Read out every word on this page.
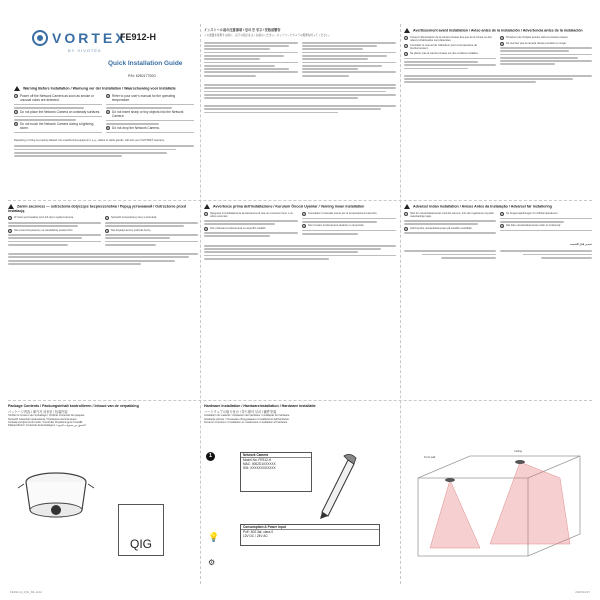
VORTEX
BY VIVOTEK
FE912-H
Quick Installation Guide
P/N: 625017700G
Warning Before Installation / Warnung vor der Installation / Waarschuwing voor installatie
1	Power off the Network Camera as soon as smoke or unusual odors are detected.
3	Do not place the Network Camera on unsteady surfaces.
5	Do not touch the Network Camera during a lightning storm.
2	Refer to your user's manual for the operating temperature.
4	Do not insert sharp or tiny objects into the Network Camera.
6	Do not drop the Network Camera.
Replacing or fixing is properly labeled. No unauthorized equipment, e.g., cables or cable glands, still visit your VIVOTEK® warranty.
インストール前の注意事項 / 설치 전 경고 / 安装前警告
この装置を使用する前に、以下の指示をよくお読みください。ネットワークカメラの電源を切ってください。
Avertissement avant installation / Aviso antes de la instalación / Advertencia antes de la instalación
1	Coupez l'alimentation de la caméra réseau dès que de la fumée ou des odeurs inhabituelles sont détectées.
2	Consultez le manuel de l'utilisateur pour la température de fonctionnement.
3	Ne placez pas la caméra réseau sur des surfaces instables.
4	N'insérez pas d'objets pointus dans la caméra réseau.
5	Ne touchez pas la caméra réseau pendant un orage.
Zanim zaczniesz — ostrzeżenia dotyczące bezpieczeństwa / Перед установкой / Ostrzeżenie przed instalacją
1	W razie wyczuwalnej woni lub dymu wyłącz kamerę.
3	Nie umieszczaj kamery na niestabilnej powierzchni.
2	Sprawdź temperaturę pracy w instrukcji.
4	Nie dotykaj kamery podczas burzy.
Avvertenze prima dell'installazione / Kurulum Öncesi Uyarılar / Varning innan installation
1	Spegnere immediatamente la telecamera di rete se si avverte fumo o un odore anomalo.
3	Non collocare la telecamera su superfici instabili.
2	Consultare il manuale utente per la temperatura di esercizio.
4	Non toccare la telecamera durante un temporale.
Advarsel indan installation / Avisos Antes da Instalação / Advarsel før installering
1	Sluk for netværkskameraet med det samme, hvis der registreres røg eller usædvanlige lugte.
3	Anbring ikke netværkskameraet på ustabile overflader.
2	Se brugervejledningen for driftstemperaturen.
4	Rør ikke netværkskameraet under et tordenvejr.
تحذير قبل التثبيت
Package Contents / Packungsinhalt kontrollieren / Inhoud van de verpakking
パッケージ内容 / 패키지 내용물 / 包装内容
Vérifiez le contenu de l'emballage / Verificar contenido del paquete
Sprawdź zawartość opakowania / Проверка комплектации
Ambalaj içeriğini kontrol edin / Kontroller förpackningens innehåll
Pakkeindhold / Conteúdo da Embalagem / التحقق من محتويات العبوة
QIG
Hardware Installation / Hardwareinstallation / Hardware installatie
ハードウェアの取り付け / 하드웨어 설치 / 硬件安装
Installation du matériel / Instalación del hardware / Instalação do hardware
Instalacja sprzętu / Установка оборудования / Installazione dell'hardware
Donanım Kurulumu / Installation av maskinvara / Installation af hardware
1	Network Camera
Model No: FE912-H
MAC: 0002D1XXXXXX
S/N: XXXXXXXXXXXX
Consumption & Power Input
PoE: 802.3af, class 0
12V DC / 24V AC
💡
⚙
Front wall
Ceiling
FE912-H_QIG_ML.indd	2023/11/17
